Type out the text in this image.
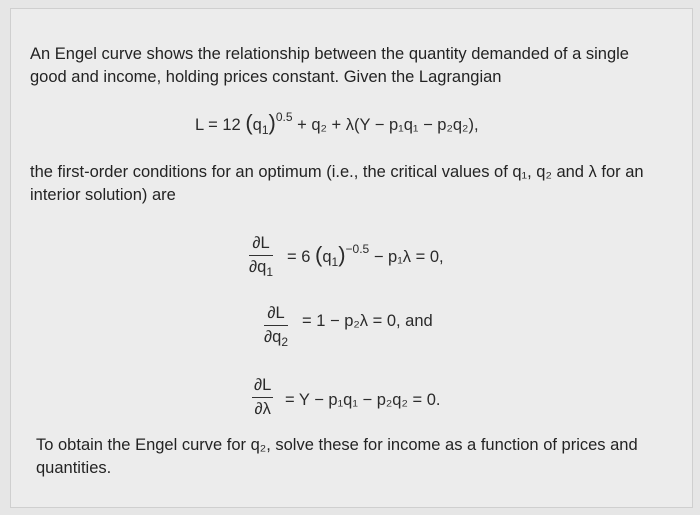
An Engel curve shows the relationship between the quantity demanded of a single good and income, holding prices constant. Given the Lagrangian

L = 12 $(q_1)^{0.5} + q_2 + \lambda(Y - p_1q_1 - p_2q_2)$,

the first-order conditions for an optimum (i.e., the critical values of q₁, q₂ and λ for an interior solution) are

∂L
$\partial q_1$
= 6 $(q_1)^{-0.5} - p_1\lambda = 0$,
∂L
$\partial q_2$
= 1 − p₂λ = 0, and
∂L
∂λ = Y − p₁q₁ − p₂q₂ = 0.

To obtain the Engel curve for q₂, solve these for income as a function of prices and quantities.
